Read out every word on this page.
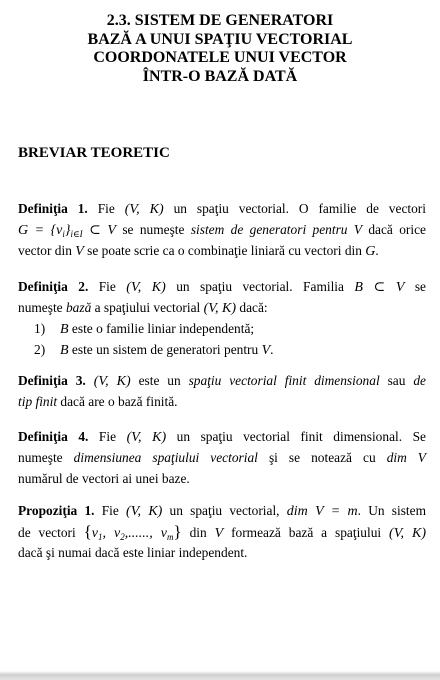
2.3. SISTEM DE GENERATORI
BAZĂ A UNUI SPAŢIU VECTORIAL
COORDONATELE UNUI VECTOR
ÎNTR-O BAZĂ DATĂ
BREVIAR TEORETIC
Definiţia 1. Fie (V, K) un spaţiu vectorial. O familie de vectori
$G = \{v_i\}_{i\in I}$ ⊂ V se numeşte sistem de generatori pentru V dacă orice
vector din V se poate scrie ca o combinaţie liniară cu vectori din G.
Definiţia 2. Fie (V, K) un spaţiu vectorial. Familia B ⊂ V se
numeşte bază a spaţiului vectorial (V, K) dacă:
1) B este o familie liniar independentă;
2) B este un sistem de generatori pentru V.
Definiţia 3. (V, K) este un spaţiu vectorial finit dimensional sau de
tip finit dacă are o bază finită.
Definiţia 4. Fie (V, K) un spaţiu vectorial finit dimensional. Se
numeşte dimensiunea spaţiului vectorial şi se notează cu dim V
numărul de vectori ai unei baze.
Propoziţia 1. Fie (V, K) un spaţiu vectorial, dim V = m. Un sistem
de vectori {$v_1$, $v_2$,......, $v_m$} din V formează bază a spaţiului (V, K)
dacă şi numai dacă este liniar independent.
